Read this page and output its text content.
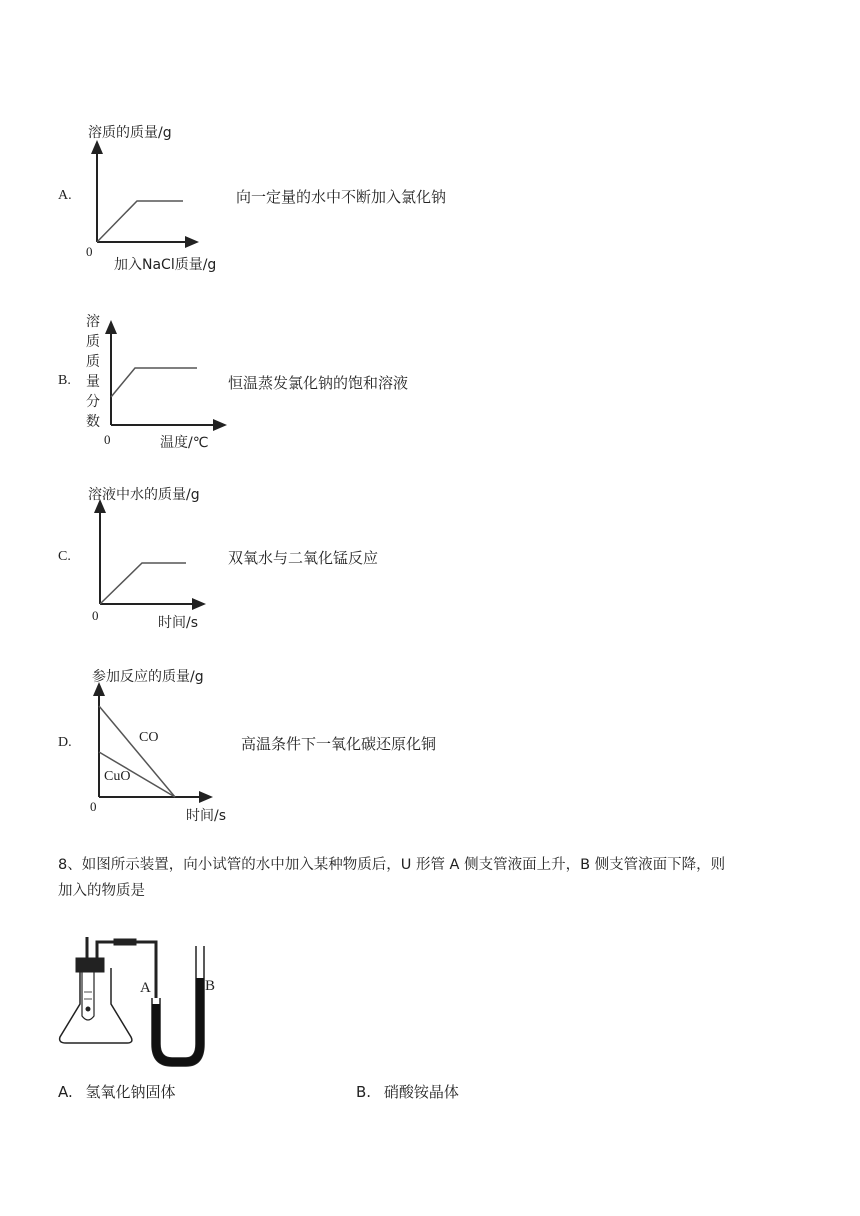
溶质的质量/g
A.	向一定量的水中不断加入氯化钠
0
加入NaCl质量/g
溶
质
质
量
分
数
B.	恒温蒸发氯化钠的饱和溶液
0	温度/℃
溶液中水的质量/g
C.	双氧水与二氧化锰反应
0	时间/s
参加反应的质量/g
D.	高温条件下一氧化碳还原化铜
CO
CuO
0
时间/s
8、如图所示装置，向小试管的水中加入某种物质后，U 形管 A 侧支管液面上升，B 侧支管液面下降，则
加入的物质是
A	B
A. 氢氧化钠固体	B. 硝酸铵晶体
